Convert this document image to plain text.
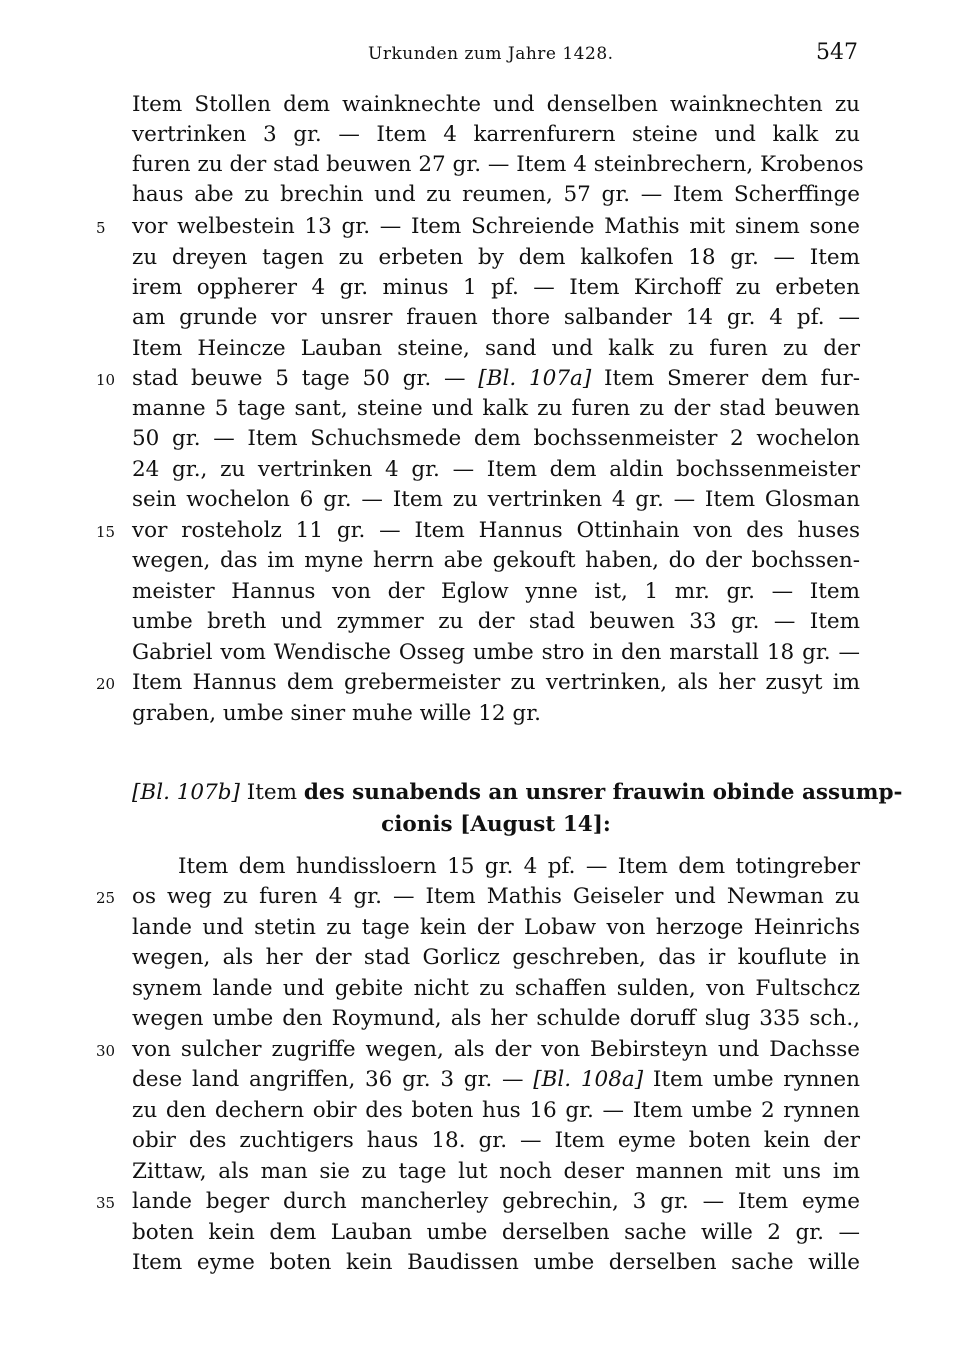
Urkunden zum Jahre 1428.	547
Item Stollen dem wainknechte und denselben wainknechten zu
vertrinken 3 gr. — Item 4 karrenfurern steine und kalk zu
furen zu der stad beuwen 27 gr. — Item 4 steinbrechern, Krobenos
haus abe zu brechin und zu reumen, 57 gr. — Item Scherffinge
5	vor welbestein 13 gr. — Item Schreiende Mathis mit sinem sone
zu dreyen tagen zu erbeten by dem kalkofen 18 gr. — Item
irem oppherer 4 gr. minus 1 pf. — Item Kirchoff zu erbeten
am grunde vor unsrer frauen thore salbander 14 gr. 4 pf. —
Item Heincze Lauban steine, sand und kalk zu furen zu der
10 stad beuwe 5 tage 50 gr. — [Bl. 107a] Item Smerer dem fur-
manne 5 tage sant, steine und kalk zu furen zu der stad beuwen
50 gr. — Item Schuchsmede dem bochssenmeister 2 wochelon
24 gr., zu vertrinken 4 gr. — Item dem aldin bochssenmeister
sein wochelon 6 gr. — Item zu vertrinken 4 gr. — Item Glosman
15 vor rosteholz 11 gr. — Item Hannus Ottinhain von des huses
wegen, das im myne herrn abe gekouft haben, do der bochssen-
meister Hannus von der Eglow ynne ist, 1 mr. gr. — Item
umbe breth und zymmer zu der stad beuwen 33 gr. — Item
Gabriel vom Wendische Osseg umbe stro in den marstall 18 gr. —
20 Item Hannus dem grebermeister zu vertrinken, als her zusyt im
graben, umbe siner muhe wille 12 gr.
[Bl. 107b] Item des sunabends an unsrer frauwin obinde assump-
cionis [August 14]:
Item dem hundissloern 15 gr. 4 pf. — Item dem totingreber
25 os weg zu furen 4 gr. — Item Mathis Geiseler und Newman zu
lande und stetin zu tage kein der Lobaw von herzoge Heinrichs
wegen, als her der stad Gorlicz geschreben, das ir kouflute in
synem lande und gebite nicht zu schaffen sulden, von Fultschcz
wegen umbe den Roymund, als her schulde doruff slug 335 sch.,
30 von sulcher zugriffe wegen, als der von Bebirsteyn und Dachsse
dese land angriffen, 36 gr. 3 gr. — [Bl. 108a] Item umbe rynnen
zu den dechern obir des boten hus 16 gr. — Item umbe 2 rynnen
obir des zuchtigers haus 18. gr. — Item eyme boten kein der
Zittaw, als man sie zu tage lut noch deser mannen mit uns im
35 lande beger durch mancherley gebrechin, 3 gr. — Item eyme
boten kein dem Lauban umbe derselben sache wille 2 gr. —
Item eyme boten kein Baudissen umbe derselben sache wille
